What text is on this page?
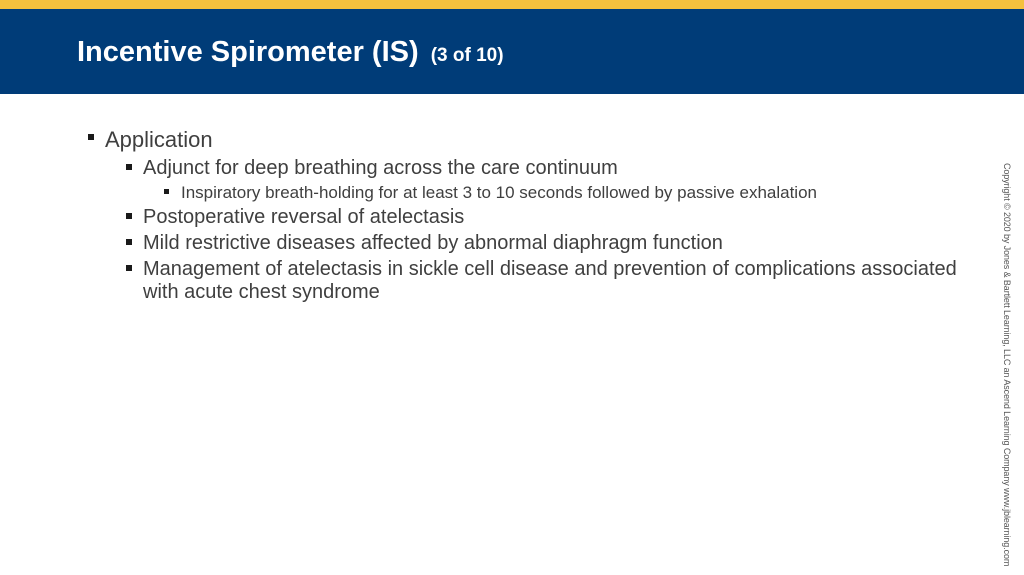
Incentive Spirometer (IS) (3 of 10)
Application
Adjunct for deep breathing across the care continuum
Inspiratory breath-holding for at least 3 to 10 seconds followed by passive exhalation
Postoperative reversal of atelectasis
Mild restrictive diseases affected by abnormal diaphragm function
Management of atelectasis in sickle cell disease and prevention of complications associated with acute chest syndrome	Copyright © 2020 by Jones & Bartlett Learning, LLC an Ascend Learning Company www.jblearning.com
